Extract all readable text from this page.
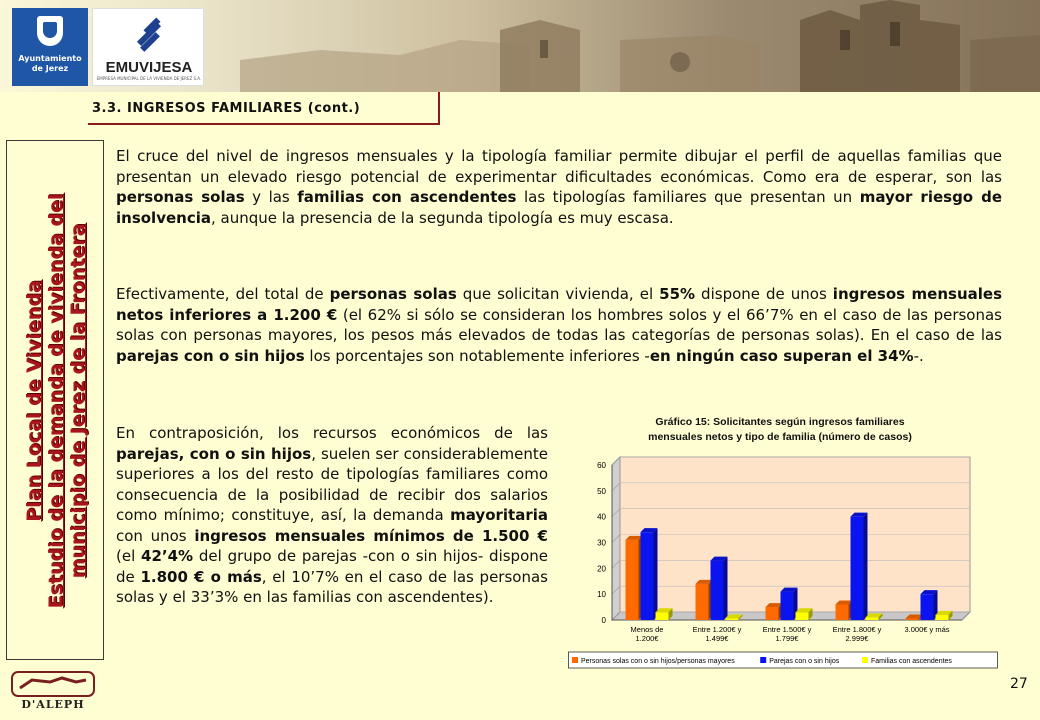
Ayuntamiento de Jerez	EMUVIJESA
EMPRESA MUNICIPAL DE LA VIVIENDA DE JEREZ S.A.
3.3. INGRESOS FAMILIARES (cont.)
Plan Local de Vivienda Estudio de la demanda de vivienda del municipio de Jerez de la Frontera
El cruce del nivel de ingresos mensuales y la tipología familiar permite dibujar el perfil de aquellas familias que presentan un elevado riesgo potencial de experimentar dificultades económicas. Como era de esperar, son las personas solas y las familias con ascendentes las tipologías familiares que presentan un mayor riesgo de insolvencia, aunque la presencia de la segunda tipología es muy escasa.
Efectivamente, del total de personas solas que solicitan vivienda, el 55% dispone de unos ingresos mensuales netos inferiores a 1.200 € (el 62% si sólo se consideran los hombres solos y el 66’7% en el caso de las personas solas con personas mayores, los pesos más elevados de todas las categorías de personas solas). En el caso de las parejas con o sin hijos los porcentajes son notablemente inferiores -en ningún caso superan el 34%-.
En contraposición, los recursos económicos de las parejas, con o sin hijos, suelen ser considerablemente superiores a los del resto de tipologías familiares como consecuencia de la posibilidad de recibir dos salarios como mínimo; constituye, así, la demanda mayoritaria con unos ingresos mensuales mínimos de 1.500 € (el 42’4% del grupo de parejas -con o sin hijos- dispone de 1.800 € o más, el 10’7% en el caso de las personas solas y el 33’3% en las familias con ascendentes).
Gráfico 15: Solicitantes según ingresos familiares
mensuales netos y tipo de familia (número de casos)
0
10
20
30
40
50
60
Menos de
1.200€
Entre 1.200€ y
1.499€
Entre 1.500€ y
1.799€
Entre 1.800€ y
2.999€
3.000€ y más
Personas solas con o sin hijos/personas mayores	Parejas con o sin hijos	Familias con ascendentes
D'ALEPH
27
